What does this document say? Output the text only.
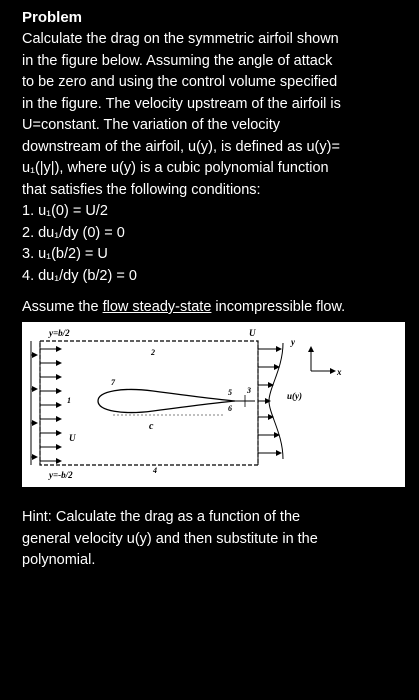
Problem

Calculate the drag on the symmetric airfoil shown

in the figure below. Assuming the angle of attack

to be zero and using the control volume specified

in the figure. The velocity upstream of the airfoil is

U=constant. The variation of the velocity

downstream of the airfoil, u(y), is defined as u(y)=

u₁(|y|), where u(y) is a cubic polynomial function

that satisfies the following conditions:

1. u₁(0) = U/2

2. du₁/dy (0) = 0

3. u₁(b/2) = U

4. du₁/dy (b/2) = 0

Assume the flow steady-state incompressible flow.

y=b/2
y=-b/2
U
U
u(y)
c
y
x
1
2
3
4
5
6
7

Hint: Calculate the drag as a function of the

general velocity u(y) and then substitute in the

polynomial.
